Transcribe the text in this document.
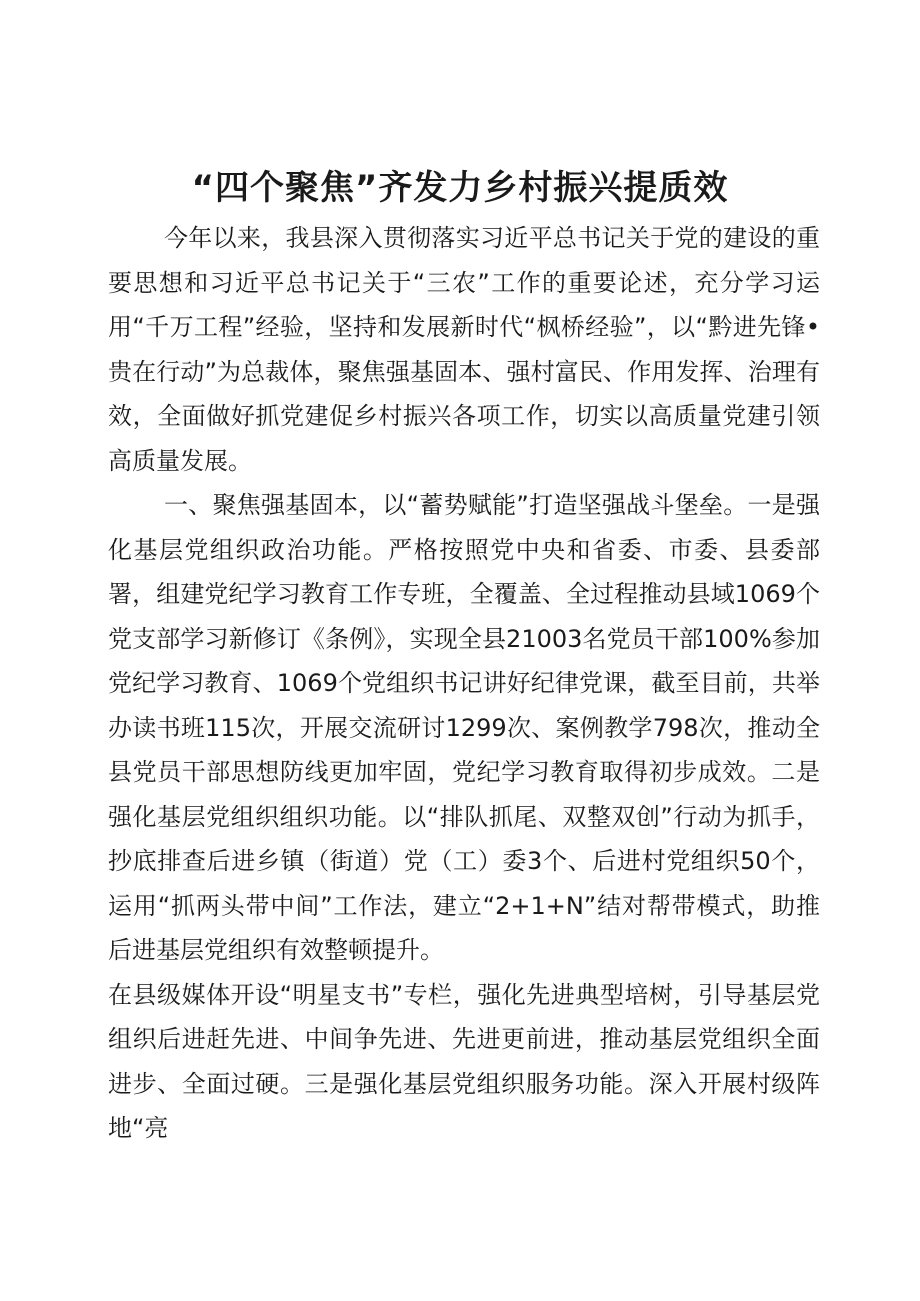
“四个聚焦”齐发力乡村振兴提质效

今年以来，我县深入贯彻落实习近平总书记关于党的建设的重要思想和习近平总书记关于“三农”工作的重要论述，充分学习运用“千万工程”经验，坚持和发展新时代“枫桥经验”，以“黔进先锋•贵在行动”为总裁体，聚焦强基固本、强村富民、作用发挥、治理有效，全面做好抓党建促乡村振兴各项工作，切实以高质量党建引领高质量发展。

一、聚焦强基固本，以“蓄势赋能”打造坚强战斗堡垒。一是强化基层党组织政治功能。严格按照党中央和省委、市委、县委部署，组建党纪学习教育工作专班，全覆盖、全过程推动县域1069个党支部学习新修订《条例》，实现全县21003名党员干部100%参加党纪学习教育、1069个党组织书记讲好纪律党课，截至目前，共举办读书班115次，开展交流研讨1299次、案例教学798次，推动全县党员干部思想防线更加牢固，党纪学习教育取得初步成效。二是强化基层党组织组织功能。以“排队抓尾、双整双创”行动为抓手，抄底排查后进乡镇（街道）党（工）委3个、后进村党组织50个，运用“抓两头带中间”工作法，建立“2+1+N”结对帮带模式，助推后进基层党组织有效整顿提升。

在县级媒体开设“明星支书”专栏，强化先进典型培树，引导基层党组织后进赶先进、中间争先进、先进更前进，推动基层党组织全面进步、全面过硬。三是强化基层党组织服务功能。深入开展村级阵地“亮
